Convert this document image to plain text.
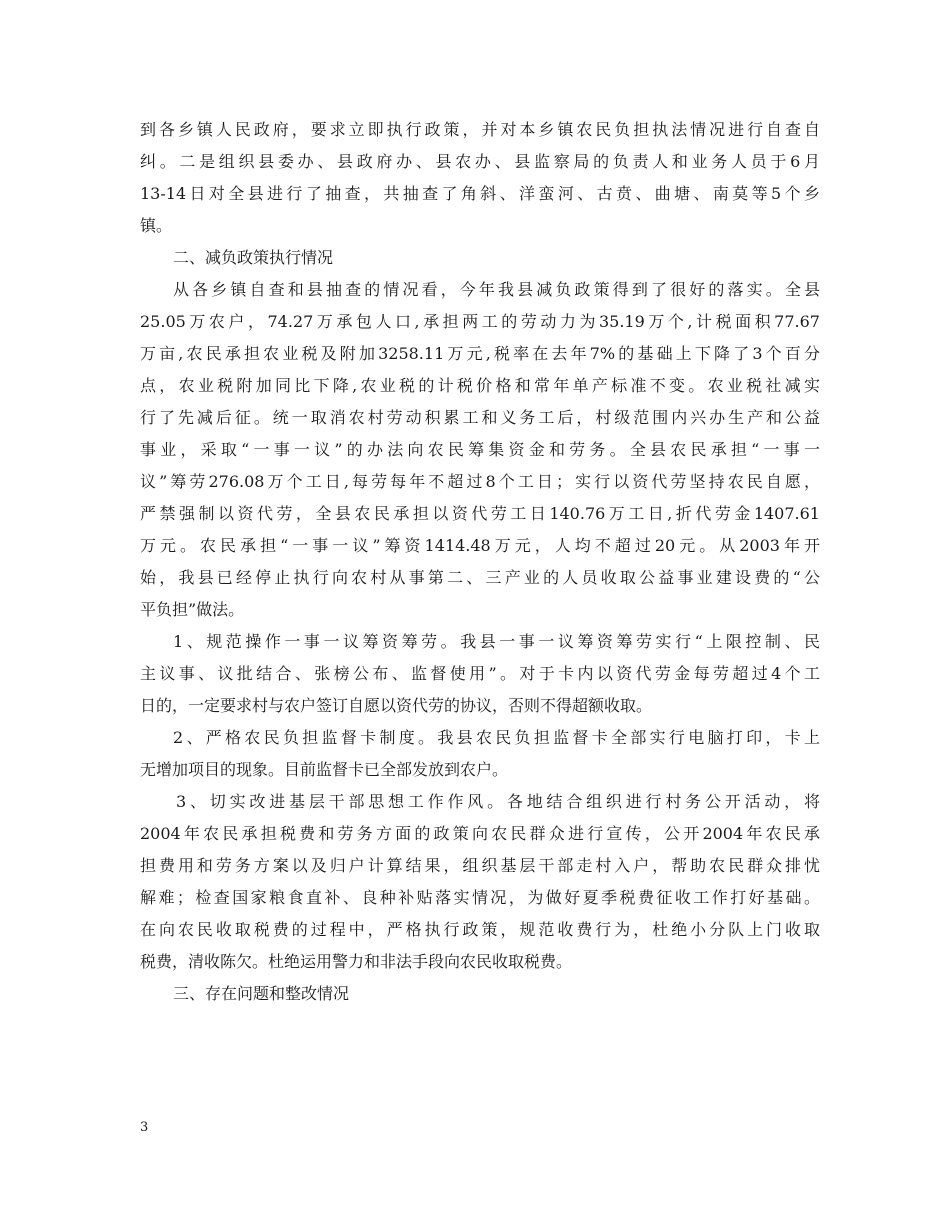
到各乡镇人民政府，要求立即执行政策，并对本乡镇农民负担执法情况进行自查自
纠。二是组织县委办、县政府办、县农办、县监察局的负责人和业务人员于6月
13-14日对全县进行了抽查，共抽查了角斜、洋蛮河、古贲、曲塘、南莫等5个乡
镇。
二、减负政策执行情况
从各乡镇自查和县抽查的情况看，今年我县减负政策得到了很好的落实。全县
25.05万农户，74.27万承包人口,承担两工的劳动力为35.19万个,计税面积77.67
万亩,农民承担农业税及附加3258.11万元,税率在去年7%的基础上下降了3个百分
点，农业税附加同比下降,农业税的计税价格和常年单产标准不变。农业税社减实
行了先减后征。统一取消农村劳动积累工和义务工后，村级范围内兴办生产和公益
事业，采取“一事一议”的办法向农民筹集资金和劳务。全县农民承担“一事一
议”筹劳276.08万个工日,每劳每年不超过8个工日；实行以资代劳坚持农民自愿，
严禁强制以资代劳，全县农民承担以资代劳工日140.76万工日,折代劳金1407.61
万元。农民承担“一事一议”筹资1414.48万元，人均不超过20元。从2003年开
始，我县已经停止执行向农村从事第二、三产业的人员收取公益事业建设费的“公
平负担”做法。
1、规范操作一事一议筹资筹劳。我县一事一议筹资筹劳实行“上限控制、民
主议事、议批结合、张榜公布、监督使用”。对于卡内以资代劳金每劳超过4个工
日的，一定要求村与农户签订自愿以资代劳的协议，否则不得超额收取。
2、严格农民负担监督卡制度。我县农民负担监督卡全部实行电脑打印，卡上
无增加项目的现象。目前监督卡已全部发放到农户。
3、切实改进基层干部思想工作作风。各地结合组织进行村务公开活动，将
2004年农民承担税费和劳务方面的政策向农民群众进行宣传，公开2004年农民承
担费用和劳务方案以及归户计算结果，组织基层干部走村入户，帮助农民群众排忧
解难；检查国家粮食直补、良种补贴落实情况，为做好夏季税费征收工作打好基础。
在向农民收取税费的过程中，严格执行政策，规范收费行为，杜绝小分队上门收取
税费，清收陈欠。杜绝运用警力和非法手段向农民收取税费。
三、存在问题和整改情况
3
